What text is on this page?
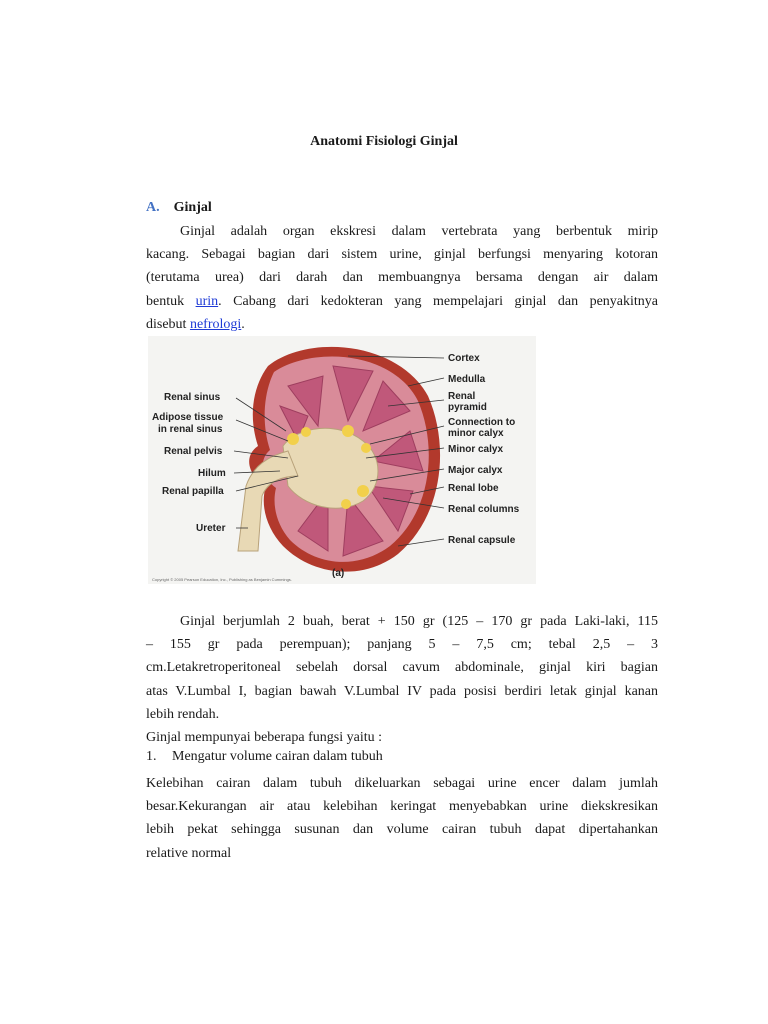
Anatomi Fisiologi Ginjal
A. Ginjal
Ginjal adalah organ ekskresi dalam vertebrata yang berbentuk mirip
kacang. Sebagai bagian dari sistem urine, ginjal berfungsi menyaring kotoran
(terutama urea) dari darah dan membuangnya bersama dengan air dalam
bentuk urin. Cabang dari kedokteran yang mempelajari ginjal dan penyakitnya
disebut nefrologi.
Renal sinus
Adipose tissue
in renal sinus
Renal pelvis
Hilum
Renal papilla
Ureter
Cortex
Medulla
Renal
pyramid
Connection to
minor calyx
Minor calyx
Major calyx
Renal lobe
Renal columns
Renal capsule
(a)
Copyright © 2005 Pearson Education, Inc., Publishing as Benjamin Cummings.
Ginjal berjumlah 2 buah, berat + 150 gr (125 – 170 gr pada Laki-laki, 115
– 155 gr pada perempuan); panjang 5 – 7,5 cm; tebal 2,5 – 3
cm.Letakretroperitoneal sebelah dorsal cavum abdominale, ginjal kiri bagian
atas V.Lumbal I, bagian bawah V.Lumbal IV pada posisi berdiri letak ginjal kanan
lebih rendah.
Ginjal mempunyai beberapa fungsi yaitu :
1. Mengatur volume cairan dalam tubuh
Kelebihan cairan dalam tubuh dikeluarkan sebagai urine encer dalam jumlah
besar.Kekurangan air atau kelebihan keringat menyebabkan urine diekskresikan
lebih pekat sehingga susunan dan volume cairan tubuh dapat dipertahankan
relative normal
